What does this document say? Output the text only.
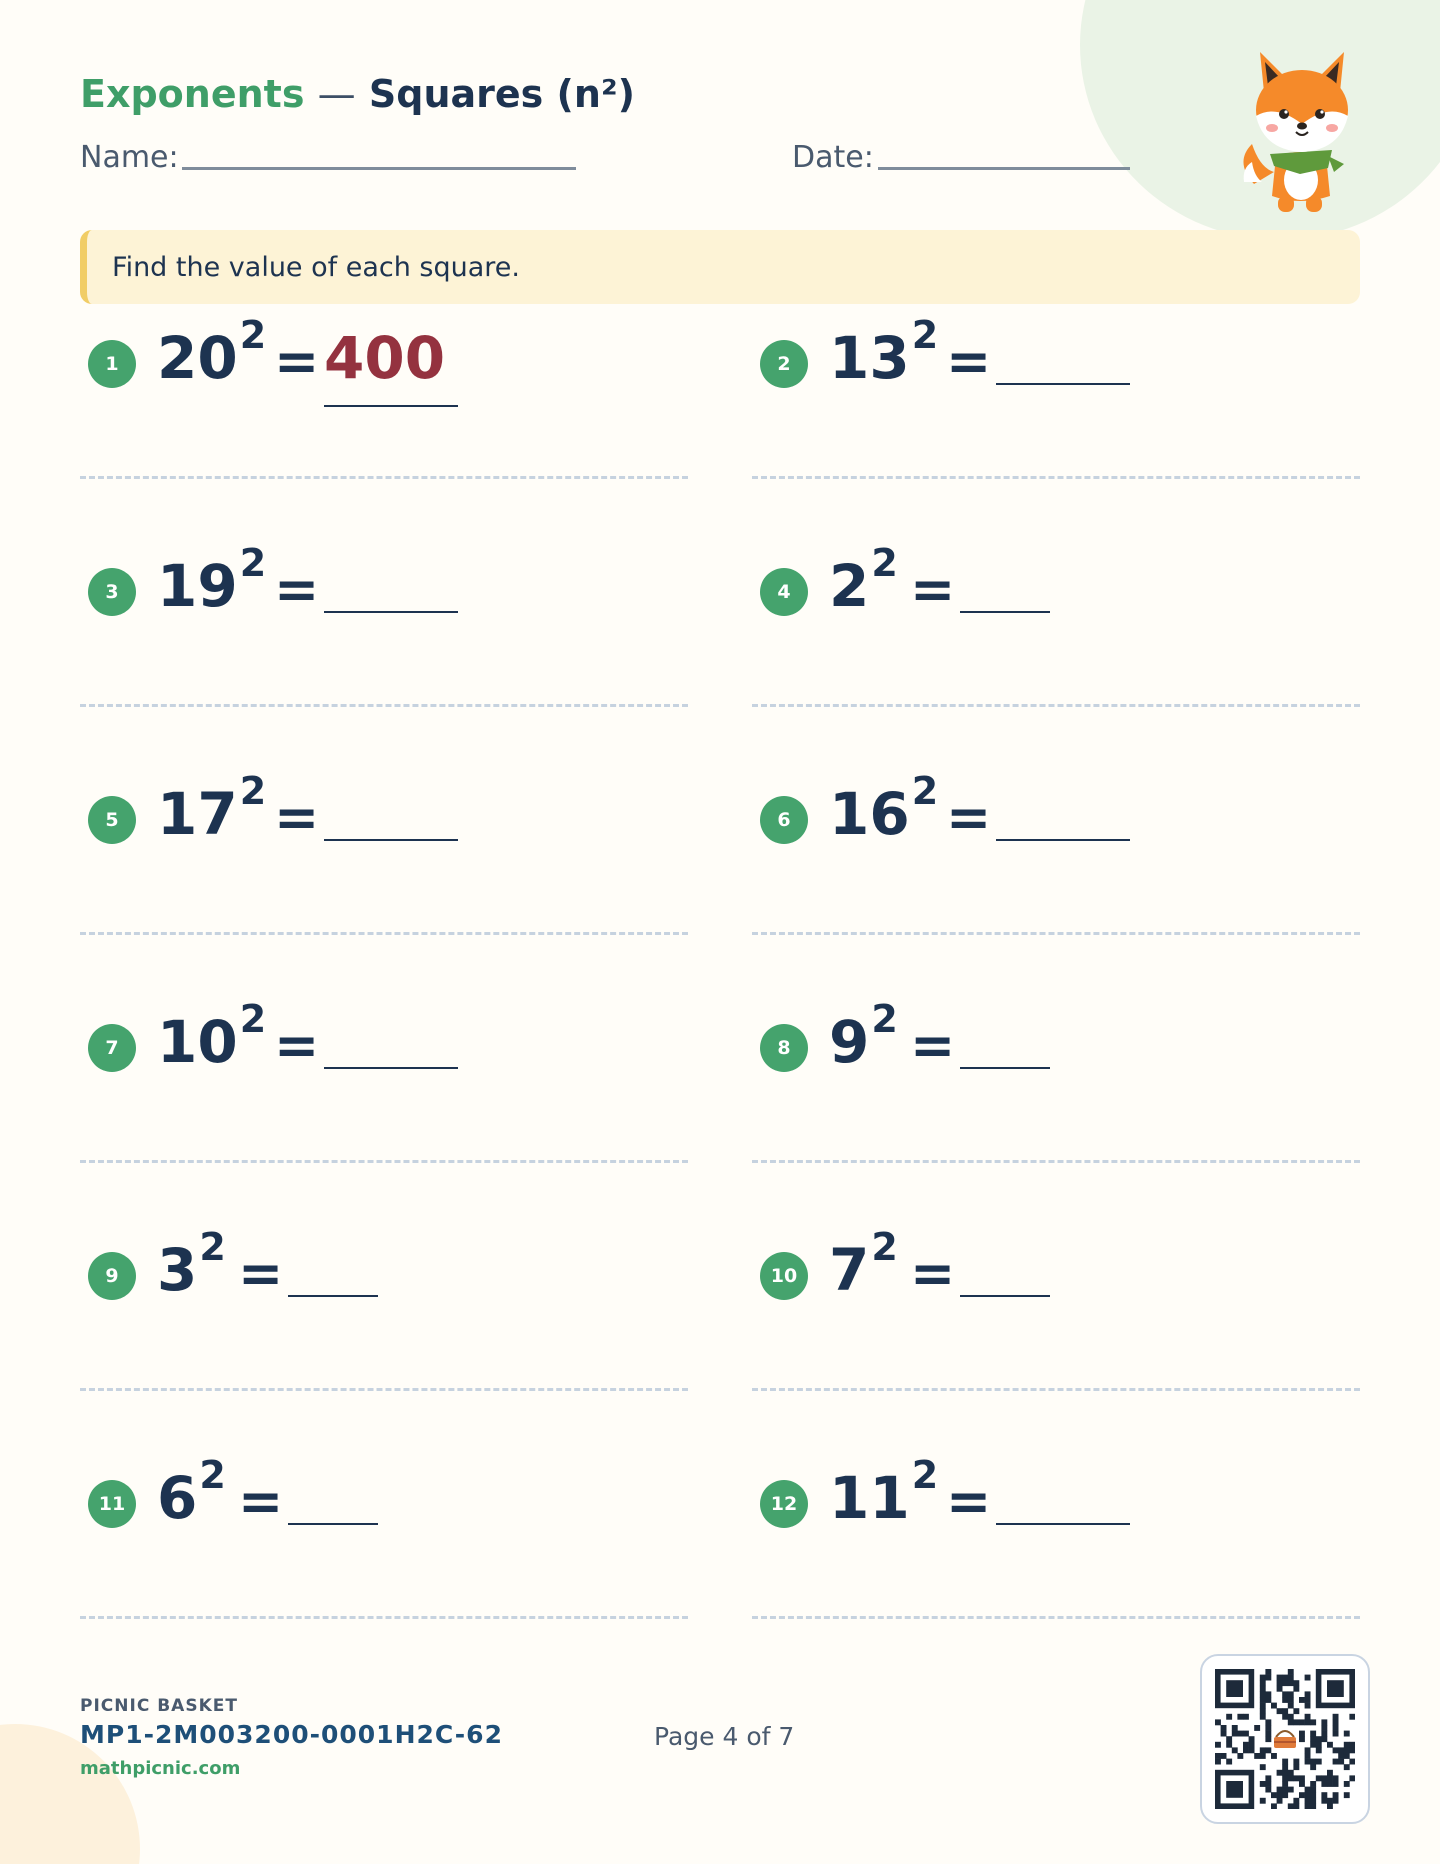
Exponents — Squares (n²)
Name:	Date:
Find the value of each square.
1 $20^2 = 400$	2 $13^2$ =
3 $19^2$ =	4 $2^2$ =
5 $17^2$ =	6 $16^2$ =
7 $10^2$ =	8 $9^2$ =
9 $3^2$ =	10 $7^2$ =
11 $6^2$ =	12 $11^2$ =
PICNIC BASKET
MP1-2M003200-0001H2C-62
mathpicnic.com
Page 4 of 7
